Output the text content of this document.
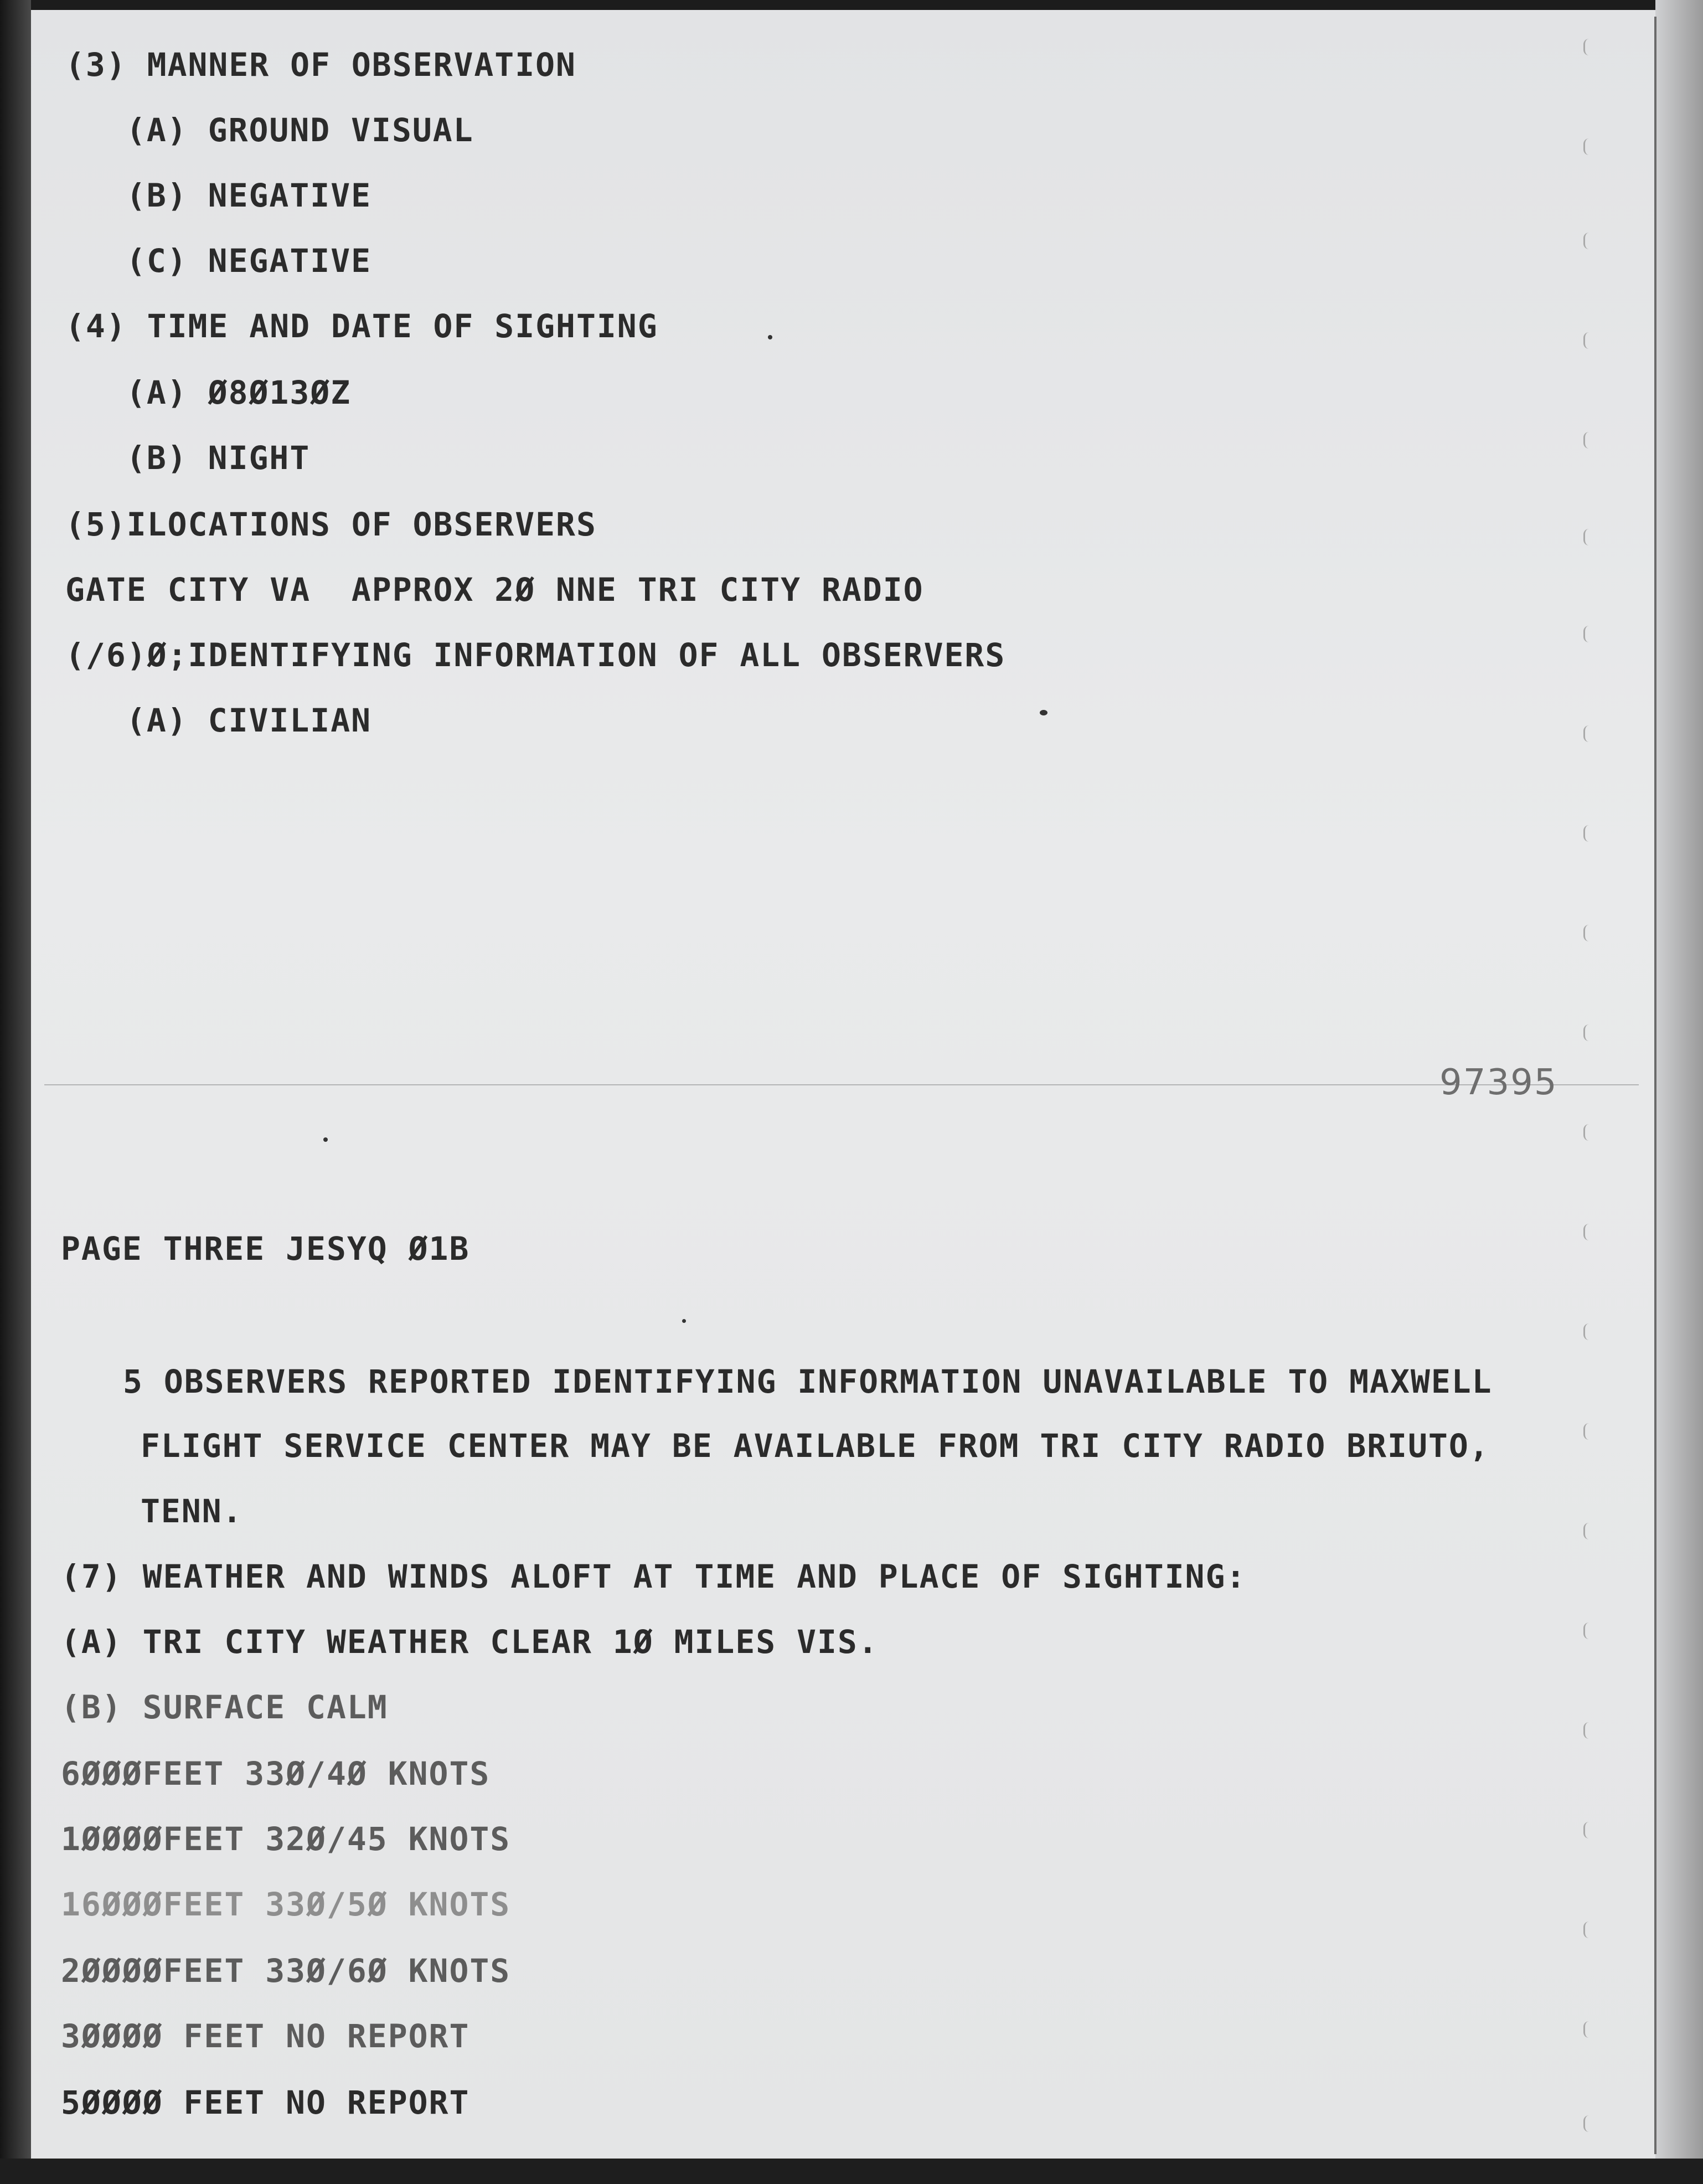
97395
(3) MANNER OF OBSERVATION
(A) GROUND VISUAL
(B) NEGATIVE
(C) NEGATIVE
(4) TIME AND DATE OF SIGHTING
(A) Ø8Ø13ØZ
(B) NIGHT
(5)ILOCATIONS OF OBSERVERS
GATE CITY VA  APPROX 2Ø NNE TRI CITY RADIO
(/6)Ø;IDENTIFYING INFORMATION OF ALL OBSERVERS
(A) CIVILIAN
PAGE THREE JESYQ Ø1B
5 OBSERVERS REPORTED IDENTIFYING INFORMATION UNAVAILABLE TO MAXWELL
FLIGHT SERVICE CENTER MAY BE AVAILABLE FROM TRI CITY RADIO BRIUTO,
TENN.
(7) WEATHER AND WINDS ALOFT AT TIME AND PLACE OF SIGHTING:
(A) TRI CITY WEATHER CLEAR 1Ø MILES VIS.
(B) SURFACE CALM
6ØØØFEET 33Ø/4Ø KNOTS
1ØØØØFEET 32Ø/45 KNOTS
16ØØØFEET 33Ø/5Ø KNOTS
2ØØØØFEET 33Ø/6Ø KNOTS
3ØØØØ FEET NO REPORT
5ØØØØ FEET NO REPORT
